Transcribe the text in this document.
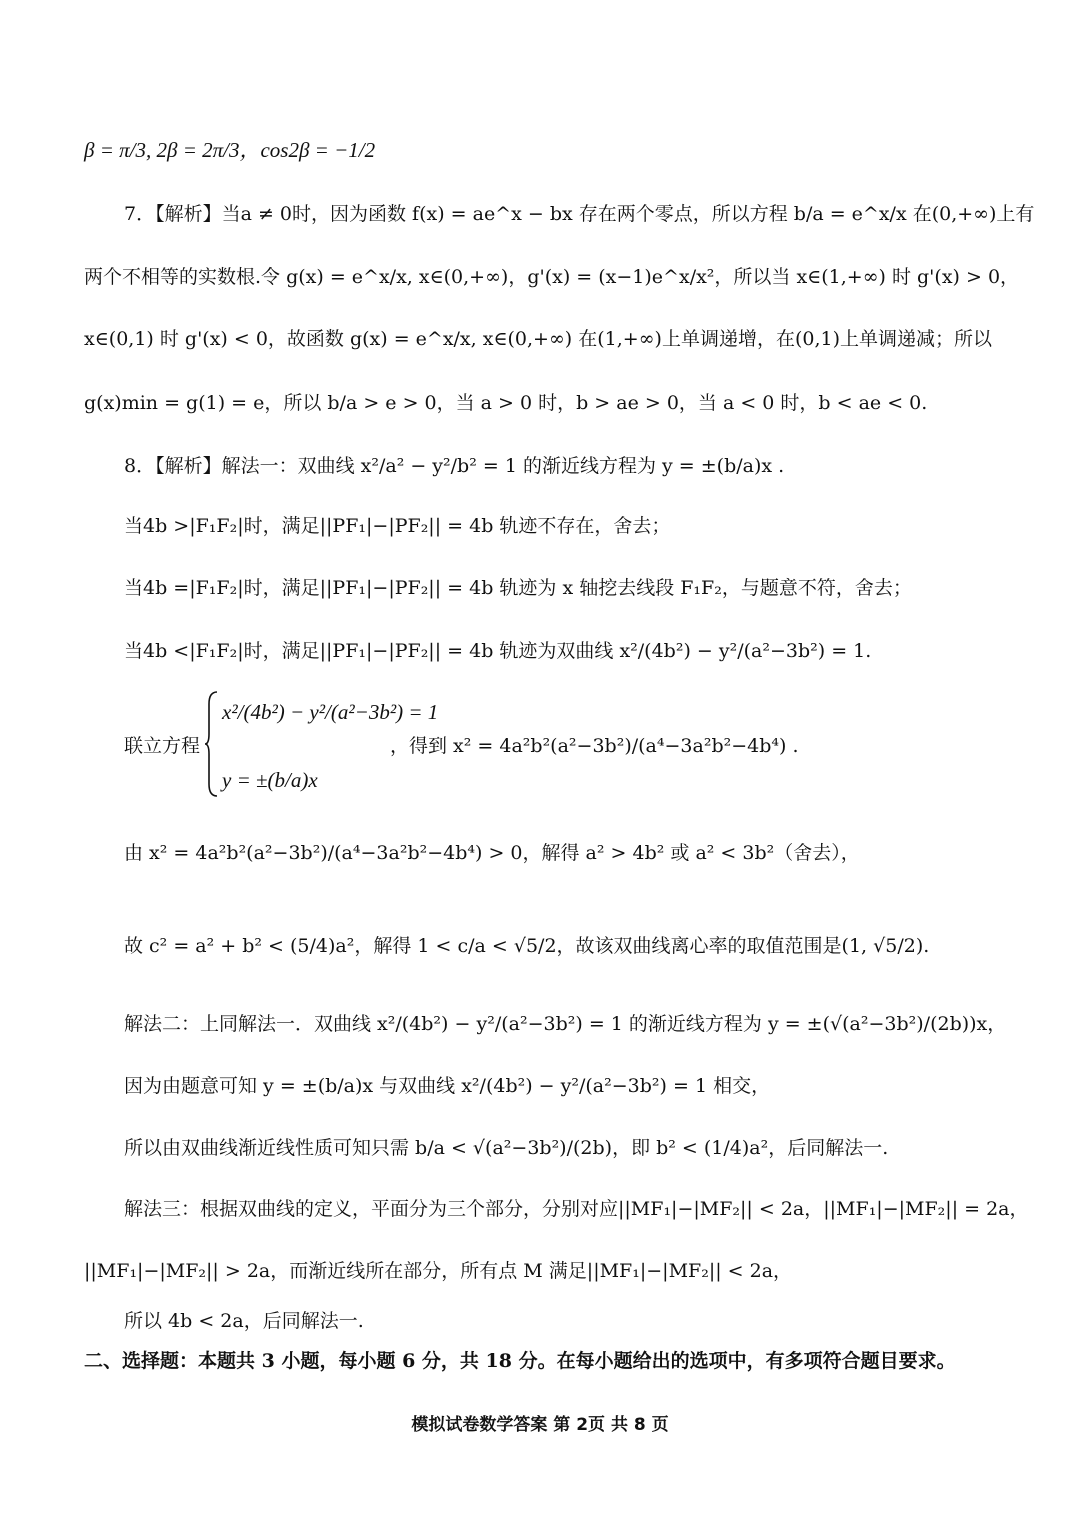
β = π/3, 2β = 2π/3，cos2β = −1/2
7．【解析】当a ≠ 0时，因为函数 f(x) = ae^x − bx 存在两个零点，所以方程 b/a = e^x/x 在(0,+∞)上有
两个不相等的实数根.令 g(x) = e^x/x, x∈(0,+∞)，g'(x) = (x−1)e^x/x²，所以当 x∈(1,+∞) 时 g'(x) > 0，
x∈(0,1) 时 g'(x) < 0，故函数 g(x) = e^x/x, x∈(0,+∞) 在(1,+∞)上单调递增，在(0,1)上单调递减；所以
g(x)min = g(1) = e，所以 b/a > e > 0，当 a > 0 时，b > ae > 0，当 a < 0 时，b < ae < 0.
8．【解析】解法一：双曲线 x²/a² − y²/b² = 1 的渐近线方程为 y = ±(b/a)x .
当4b >|F₁F₂|时，满足||PF₁|−|PF₂|| = 4b 轨迹不存在，舍去；
当4b =|F₁F₂|时，满足||PF₁|−|PF₂|| = 4b 轨迹为 x 轴挖去线段 F₁F₂，与题意不符，舍去；
当4b <|F₁F₂|时，满足||PF₁|−|PF₂|| = 4b 轨迹为双曲线 x²/(4b²) − y²/(a²−3b²) = 1.
x²/(4b²) − y²/(a²−3b²) = 1
联立方程　　　　　　　　　　，得到 x² = 4a²b²(a²−3b²)/(a⁴−3a²b²−4b⁴) .
y = ±(b/a)x
由 x² = 4a²b²(a²−3b²)/(a⁴−3a²b²−4b⁴) > 0，解得 a² > 4b² 或 a² < 3b²（舍去），
故 c² = a² + b² < (5/4)a²，解得 1 < c/a < √5/2，故该双曲线离心率的取值范围是(1, √5/2).
解法二：上同解法一．双曲线 x²/(4b²) − y²/(a²−3b²) = 1 的渐近线方程为 y = ±(√(a²−3b²)/(2b))x，
因为由题意可知 y = ±(b/a)x 与双曲线 x²/(4b²) − y²/(a²−3b²) = 1 相交，
所以由双曲线渐近线性质可知只需 b/a < √(a²−3b²)/(2b)，即 b² < (1/4)a²，后同解法一.
解法三：根据双曲线的定义，平面分为三个部分，分别对应||MF₁|−|MF₂|| < 2a，||MF₁|−|MF₂|| = 2a，
||MF₁|−|MF₂|| > 2a，而渐近线所在部分，所有点 M 满足||MF₁|−|MF₂|| < 2a，
所以 4b < 2a，后同解法一.
二、选择题：本题共 3 小题，每小题 6 分，共 18 分。在每小题给出的选项中，有多项符合题目要求。
模拟试卷数学答案 第 2页 共 8 页
